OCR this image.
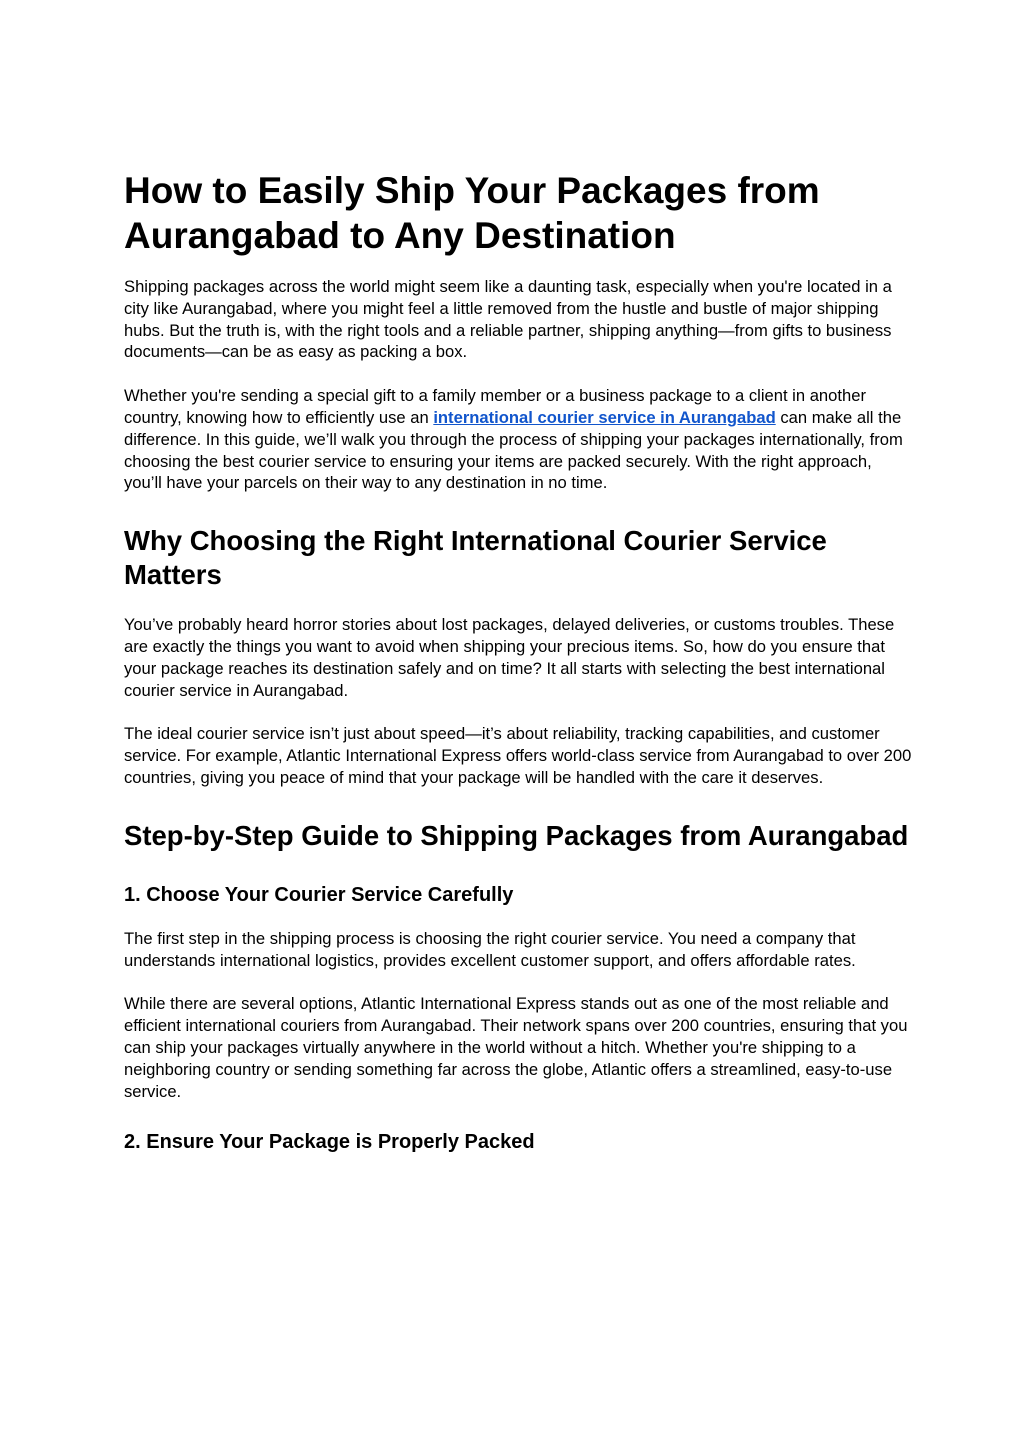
How to Easily Ship Your Packages from Aurangabad to Any Destination

Shipping packages across the world might seem like a daunting task, especially when you're located in a city like Aurangabad, where you might feel a little removed from the hustle and bustle of major shipping hubs. But the truth is, with the right tools and a reliable partner, shipping anything—from gifts to business documents—can be as easy as packing a box.

Whether you're sending a special gift to a family member or a business package to a client in another country, knowing how to efficiently use an international courier service in Aurangabad can make all the difference. In this guide, we’ll walk you through the process of shipping your packages internationally, from choosing the best courier service to ensuring your items are packed securely. With the right approach, you’ll have your parcels on their way to any destination in no time.

Why Choosing the Right International Courier Service Matters

You’ve probably heard horror stories about lost packages, delayed deliveries, or customs troubles. These are exactly the things you want to avoid when shipping your precious items. So, how do you ensure that your package reaches its destination safely and on time? It all starts with selecting the best international courier service in Aurangabad.

The ideal courier service isn’t just about speed—it’s about reliability, tracking capabilities, and customer service. For example, Atlantic International Express offers world-class service from Aurangabad to over 200 countries, giving you peace of mind that your package will be handled with the care it deserves.

Step-by-Step Guide to Shipping Packages from Aurangabad
1. Choose Your Courier Service Carefully

The first step in the shipping process is choosing the right courier service. You need a company that understands international logistics, provides excellent customer support, and offers affordable rates.

While there are several options, Atlantic International Express stands out as one of the most reliable and efficient international couriers from Aurangabad. Their network spans over 200 countries, ensuring that you can ship your packages virtually anywhere in the world without a hitch. Whether you're shipping to a neighboring country or sending something far across the globe, Atlantic offers a streamlined, easy-to-use service.

2. Ensure Your Package is Properly Packed
